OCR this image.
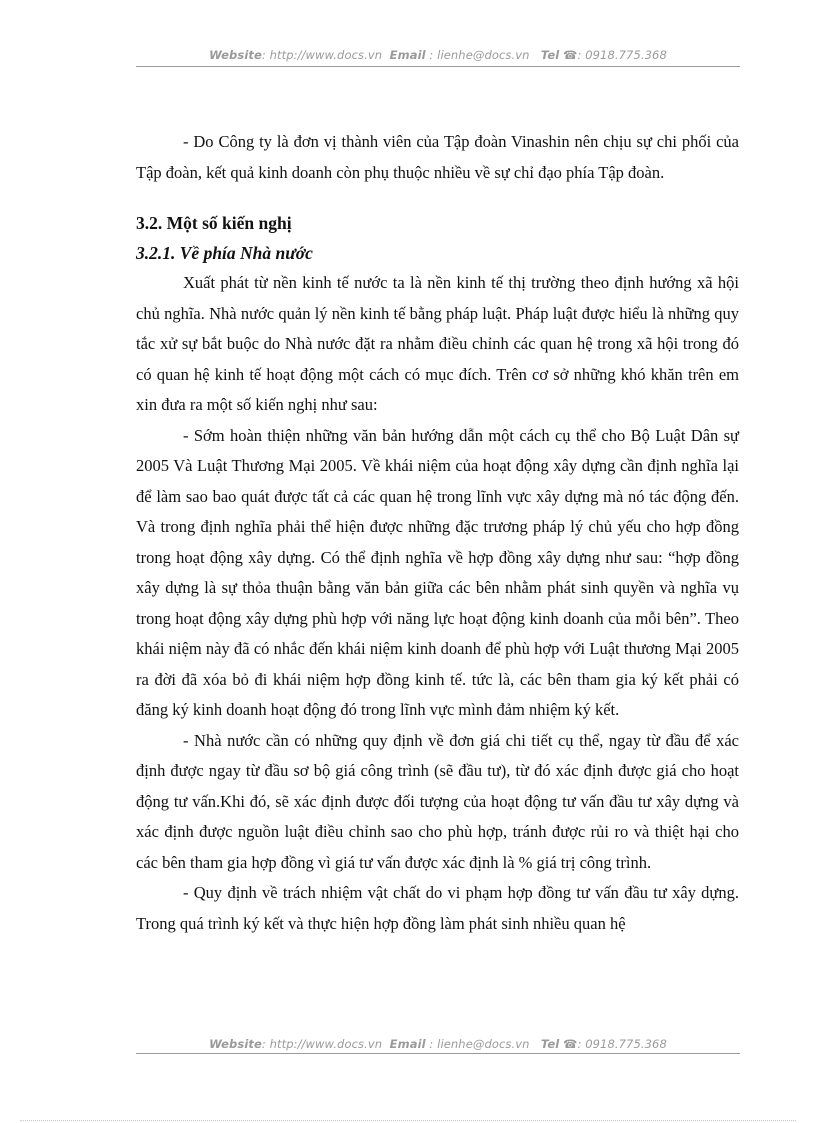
Website: http://www.docs.vn Email : lienhe@docs.vn Tel ☎: 0918.775.368

- Do Công ty là đơn vị thành viên của Tập đoàn Vinashin nên chịu sự chi phối của Tập đoàn, kết quả kinh doanh còn phụ thuộc nhiều về sự chỉ đạo phía Tập đoàn.

3.2. Một số kiến nghị

3.2.1. Về phía Nhà nước

Xuất phát từ nền kinh tế nước ta là nền kinh tế thị trường theo định hướng xã hội chủ nghĩa. Nhà nước quản lý nền kinh tế bằng pháp luật. Pháp luật được hiểu là những quy tắc xử sự bắt buộc do Nhà nước đặt ra nhằm điều chỉnh các quan hệ trong xã hội trong đó có quan hệ kinh tế hoạt động một cách có mục đích. Trên cơ sở những khó khăn trên em xin đưa ra một số kiến nghị như sau:

- Sớm hoàn thiện những văn bản hướng dẫn một cách cụ thể cho Bộ Luật Dân sự 2005 Và Luật Thương Mại 2005. Về khái niệm của hoạt động xây dựng cần định nghĩa lại để làm sao bao quát được tất cả các quan hệ trong lĩnh vực xây dựng mà nó tác động đến. Và trong định nghĩa phải thể hiện được những đặc trương pháp lý chủ yếu cho hợp đồng trong hoạt động xây dựng. Có thể định nghĩa về hợp đồng xây dựng như sau: “hợp đồng xây dựng là sự thỏa thuận bằng văn bản giữa các bên nhằm phát sinh quyền và nghĩa vụ trong hoạt động xây dựng phù hợp với năng lực hoạt động kinh doanh của mỗi bên”. Theo khái niệm này đã có nhắc đến khái niệm kinh doanh để phù hợp với Luật thương Mại 2005 ra đời đã xóa bỏ đi khái niệm hợp đồng kinh tế. tức là, các bên tham gia ký kết phải có đăng ký kinh doanh hoạt động đó trong lĩnh vực mình đảm nhiệm ký kết.

- Nhà nước cần có những quy định về đơn giá chi tiết cụ thể, ngay từ đầu để xác định được ngay từ đầu sơ bộ giá công trình (sẽ đầu tư), từ đó xác định được giá cho hoạt động tư vấn.Khi đó, sẽ xác định được đối tượng của hoạt động tư vấn đầu tư xây dựng và xác định được nguồn luật điều chỉnh sao cho phù hợp, tránh được rủi ro và thiệt hại cho các bên tham gia hợp đồng vì giá tư vấn được xác định là % giá trị công trình.

- Quy định về trách nhiệm vật chất do vi phạm hợp đồng tư vấn đầu tư xây dựng. Trong quá trình ký kết và thực hiện hợp đồng làm phát sinh nhiều quan hệ

Website: http://www.docs.vn Email : lienhe@docs.vn Tel ☎: 0918.775.368
